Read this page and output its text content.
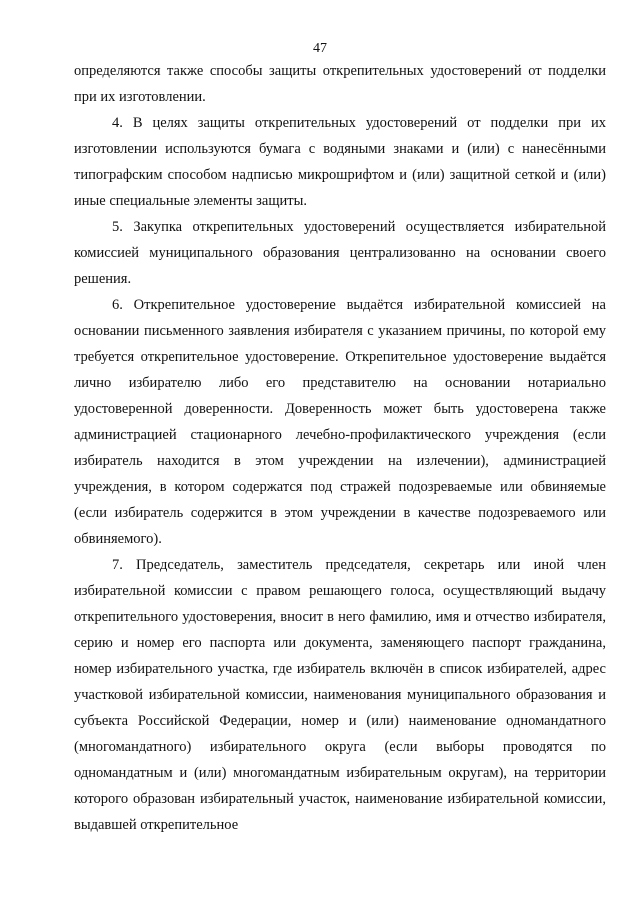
47

определяются также способы защиты открепительных удостоверений от подделки при их изготовлении.

4. В целях защиты открепительных удостоверений от подделки при их изготовлении используются бумага с водяными знаками и (или) с нанесёнными типографским способом надписью микрошрифтом и (или) защитной сеткой и (или) иные специальные элементы защиты.

5. Закупка открепительных удостоверений осуществляется избирательной комиссией муниципального образования централизованно на основании своего решения.

6. Открепительное удостоверение выдаётся избирательной комиссией на основании письменного заявления избирателя с указанием причины, по которой ему требуется открепительное удостоверение. Открепительное удостоверение выдаётся лично избирателю либо его представителю на основании нотариально удостоверенной доверенности. Доверенность может быть удостоверена также администрацией стационарного лечебно-профилактического учреждения (если избиратель находится в этом учреждении на излечении), администрацией учреждения, в котором содержатся под стражей подозреваемые или обвиняемые (если избиратель содержится в этом учреждении в качестве подозреваемого или обвиняемого).

7. Председатель, заместитель председателя, секретарь или иной член избирательной комиссии с правом решающего голоса, осуществляющий выдачу открепительного удостоверения, вносит в него фамилию, имя и отчество избирателя, серию и номер его паспорта или документа, заменяющего паспорт гражданина, номер избирательного участка, где избиратель включён в список избирателей, адрес участковой избирательной комиссии, наименования муниципального образования и субъекта Российской Федерации, номер и (или) наименование одномандатного (многомандатного) избирательного округа (если выборы проводятся по одномандатным и (или) многомандатным избирательным округам), на территории которого образован избирательный участок, наименование избирательной комиссии, выдавшей открепительное
